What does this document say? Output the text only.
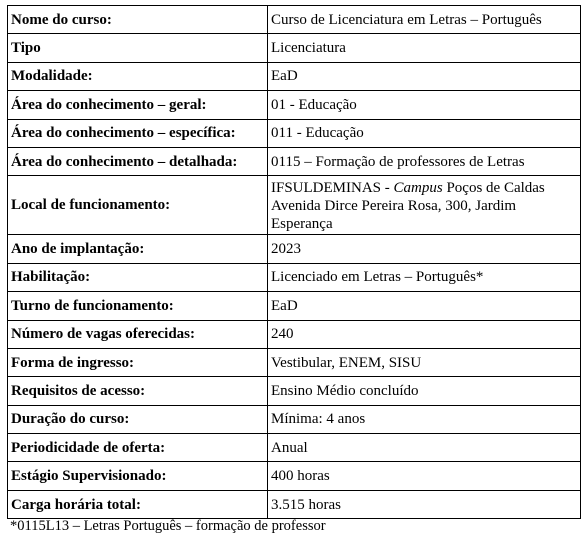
Nome do curso:	Curso de Licenciatura em Letras – Português
Tipo	Licenciatura
Modalidade:	EaD
Área do conhecimento – geral:	01 - Educação
Área do conhecimento – específica:	011 - Educação
Área do conhecimento – detalhada:	0115 – Formação de professores de Letras
Local de funcionamento:	IFSULDEMINAS - Campus Poços de Caldas
Avenida Dirce Pereira Rosa, 300, Jardim
Esperança
Ano de implantação:	2023
Habilitação:	Licenciado em Letras – Português*
Turno de funcionamento:	EaD
Número de vagas oferecidas:	240
Forma de ingresso:	Vestibular, ENEM, SISU
Requisitos de acesso:	Ensino Médio concluído
Duração do curso:	Mínima: 4 anos
Periodicidade de oferta:	Anual
Estágio Supervisionado:	400 horas
Carga horária total:	3.515 horas
*0115L13 – Letras Português – formação de professor
